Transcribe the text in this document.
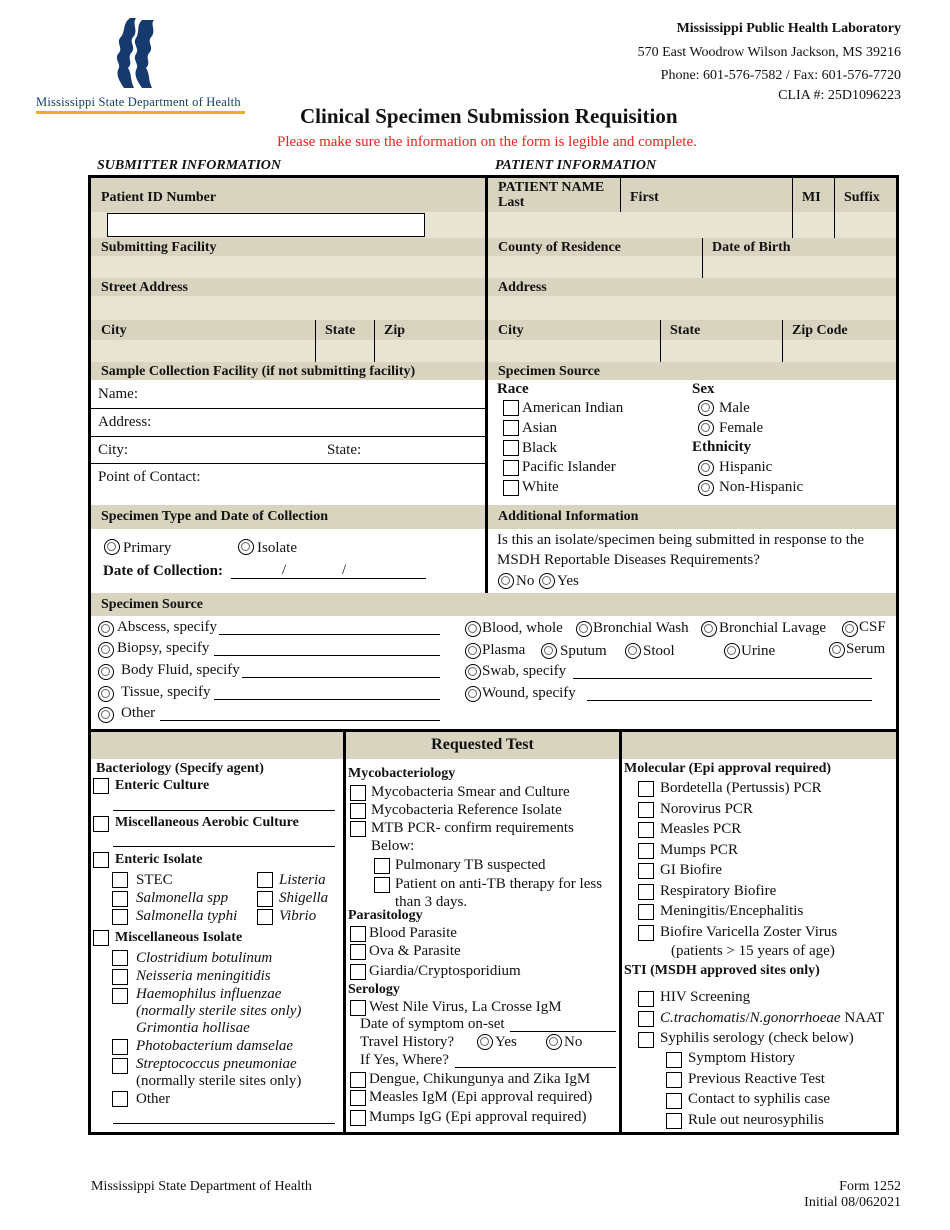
Mississippi State Department of Health
Mississippi Public Health Laboratory
570 East Woodrow Wilson Jackson, MS 39216
Phone: 601-576-7582 / Fax: 601-576-7720
CLIA #: 25D1096223
Clinical Specimen Submission Requisition
Please make sure the information on the form is legible and complete.
SUBMITTER INFORMATION	PATIENT INFORMATION
Patient ID Number
Submitting Facility
Street Address
City	State	Zip
Sample Collection Facility (if not submitting facility)
Name:
Address:
City:	State:
Point of Contact:
Specimen Type and Date of Collection
Primary	Isolate
Date of Collection:	/	/
PATIENT NAME
Last	First	MI	Suffix
County of Residence	Date of Birth
Address
City	State	Zip Code
Specimen Source
Race
American Indian
Asian
Black
Pacific Islander
White
Sex
Male
Female
Ethnicity
Hispanic
Non-Hispanic
Additional Information
Is this an isolate/specimen being submitted in response to the
MSDH Reportable Diseases Requirements?
No Yes
Specimen Source
Abscess, specify
Biopsy, specify
Body Fluid, specify
Tissue, specify
Other
Blood, whole Bronchial Wash Bronchial Lavage CSF
Plasma Sputum Stool	Urine	Serum
Swab, specify
Wound, specify
Requested Test
Bacteriology (Specify agent)
Enteric Culture
Miscellaneous Aerobic Culture
Enteric Isolate
STEC	Listeria
Salmonella spp	Shigella
Salmonella typhi	Vibrio
Miscellaneous Isolate
Clostridium botulinum
Neisseria meningitidis
Haemophilus influenzae
(normally sterile sites only)
Grimontia hollisae
Photobacterium damselae
Streptococcus pneumoniae
(normally sterile sites only)
Other
Mycobacteriology
Mycobacteria Smear and Culture
Mycobacteria Reference Isolate
MTB PCR- confirm requirements
Below:
Pulmonary TB suspected
Patient on anti-TB therapy for less
than 3 days.
Parasitology
Blood Parasite
Ova & Parasite
Giardia/Cryptosporidium
Serology
West Nile Virus, La Crosse IgM
Date of symptom on-set
Travel History?	Yes	No
If Yes, Where?
Dengue, Chikungunya and Zika IgM
Measles IgM (Epi approval required)
Mumps IgG (Epi approval required)
Molecular (Epi approval required)
Bordetella (Pertussis) PCR
Norovirus PCR
Measles PCR
Mumps PCR
GI Biofire
Respiratory Biofire
Meningitis/Encephalitis
Biofire Varicella Zoster Virus
(patients > 15 years of age)
STI (MSDH approved sites only)
HIV Screening
C.trachomatis/N.gonorrhoeae NAAT
Syphilis serology (check below)
Symptom History
Previous Reactive Test
Contact to syphilis case
Rule out neurosyphilis
Mississippi State Department of Health	Form 1252
Initial 08/062021
